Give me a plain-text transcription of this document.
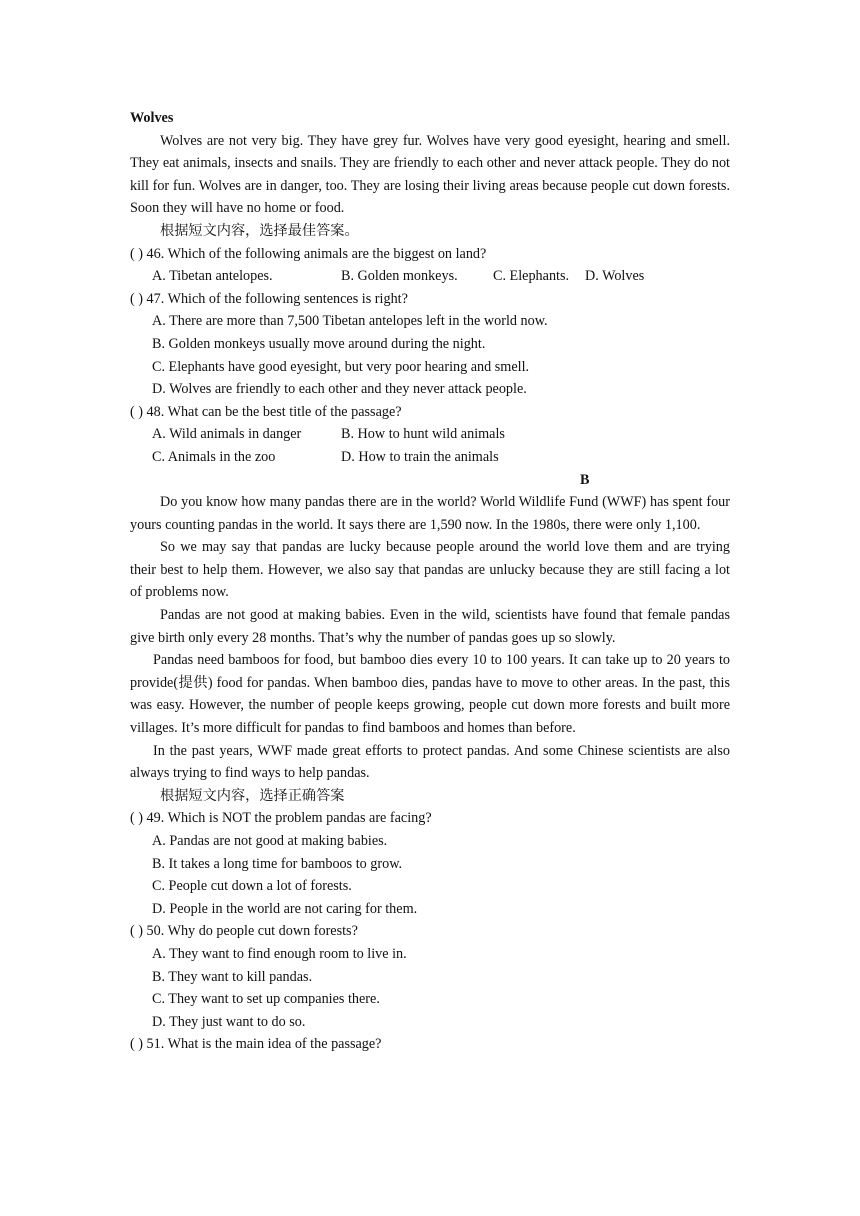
Wolves

Wolves are not very big. They have grey fur. Wolves have very good eyesight, hearing and smell. They eat animals, insects and snails. They are friendly to each other and never attack people. They do not kill for fun. Wolves are in danger, too. They are losing their living areas because people cut down forests. Soon they will have no home or food.

根据短文内容，选择最佳答案。

( ) 46. Which of the following animals are the biggest on land?

A. Tibetan antelopes.	B. Golden monkeys.	C. Elephants.	D. Wolves

( ) 47. Which of the following sentences is right?

A. There are more than 7,500 Tibetan antelopes left in the world now.

B. Golden monkeys usually move around during the night.

C. Elephants have good eyesight, but very poor hearing and smell.

D. Wolves are friendly to each other and they never attack people.

( ) 48. What can be the best title of the passage?

A. Wild animals in danger	B. How to hunt wild animals
C. Animals in the zoo	D. How to train the animals

B

Do you know how many pandas there are in the world? World Wildlife Fund (WWF) has spent four yours counting pandas in the world. It says there are 1,590 now. In the 1980s, there were only 1,100.

So we may say that pandas are lucky because people around the world love them and are trying their best to help them. However, we also say that pandas are unlucky because they are still facing a lot of problems now.

Pandas are not good at making babies. Even in the wild, scientists have found that female pandas give birth only every 28 months. That’s why the number of pandas goes up so slowly.

Pandas need bamboos for food, but bamboo dies every 10 to 100 years. It can take up to 20 years to provide(提供) food for pandas. When bamboo dies, pandas have to move to other areas. In the past, this was easy. However, the number of people keeps growing, people cut down more forests and built more villages. It’s more difficult for pandas to find bamboos and homes than before.

In the past years, WWF made great efforts to protect pandas. And some Chinese scientists are also always trying to find ways to help pandas.

根据短文内容，选择正确答案

( ) 49. Which is NOT the problem pandas are facing?

A. Pandas are not good at making babies.

B. It takes a long time for bamboos to grow.

C. People cut down a lot of forests.

D. People in the world are not caring for them.

( ) 50. Why do people cut down forests?

A. They want to find enough room to live in.

B. They want to kill pandas.

C. They want to set up companies there.

D. They just want to do so.

( ) 51. What is the main idea of the passage?
